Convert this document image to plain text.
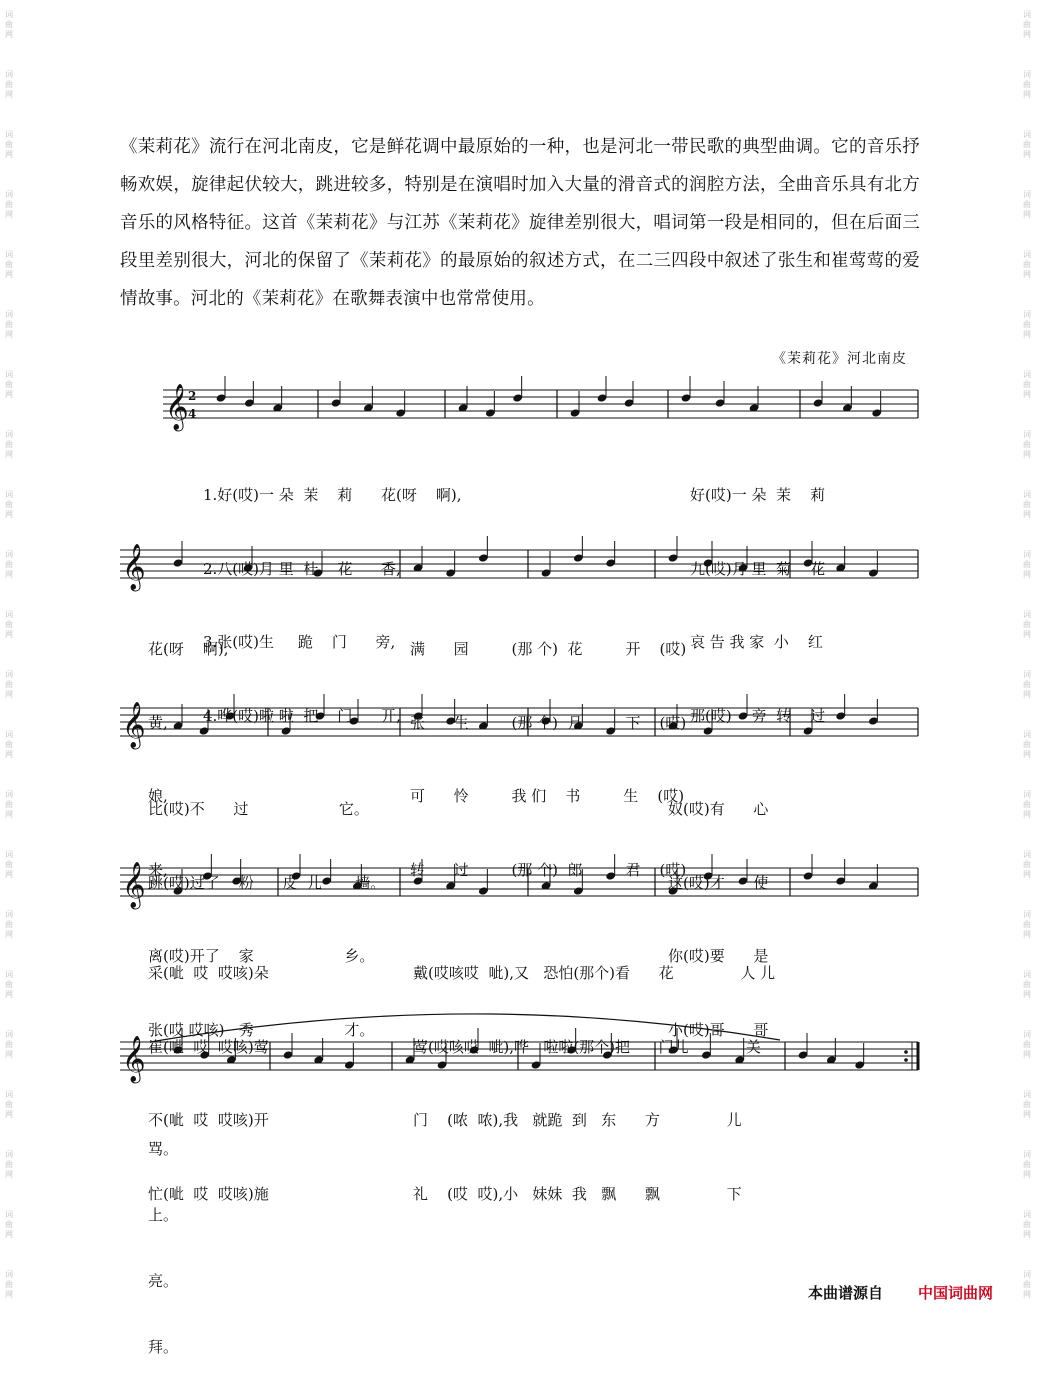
词
曲
网

词
曲
网

词
曲
网

词
曲
网

词
曲
网

词
曲
网

词
曲
网

词
曲
网

词
曲
网

词
曲
网

词
曲
网

词
曲
网

词
曲
网

词
曲
网

词
曲
网

词
曲
网

词
曲
网

词
曲
网

词
曲
网

词
曲
网

词
曲
网

词
曲
网

词
曲
网

词
曲
网

词
曲
网

词
曲
网

词
曲
网

词
曲
网

词
曲
网

词
曲
网

词
曲
网

词
曲
网

词
曲
网

词
曲
网

词
曲
网

词
曲
网

词
曲
网

词
曲
网

词
曲
网

词
曲
网

词
曲
网

词
曲
网

词
曲
网

词
曲
网
《茉莉花》流行在河北南皮，它是鲜花调中最原始的一种，也是河北一带民歌的典型曲调。它的音乐抒畅欢娱，旋律起伏较大，跳进较多，特别是在演唱时加入大量的滑音式的润腔方法，全曲音乐具有北方音乐的风格特征。这首《茉莉花》与江苏《茉莉花》旋律差别很大，唱词第一段是相同的，但在后面三段里差别很大，河北的保留了《茉莉花》的最原始的叙述方式，在二三四段中叙述了张生和崔莺莺的爱情故事。河北的《茉莉花》在歌舞表演中也常常使用。
《茉莉花》河北南皮
𝄞
𝄞
𝄞
𝄞
𝄞
2
4

1.好(哎)一 朵  茉    莉      花(呀    啊),

2.八(哎)月 里  桂    花      香,

3.张(哎)生     跪    门      旁,

4.哗(哎)啦 啦  把    门      开,

好(哎)一 朵  茉    莉

九(哎)月 里  菊    花

哀 告 我 家  小    红

那(哎)一 旁  转    过

花(呀    啊),

黄,

娘,

来,

满      园         (那 个)  花         开    (哎)

张      生         (那 个)  月         下    (哎)

可      怜         我 们    书         生    (哎)

转      过         (那 个)  郎         君    (哎)

比(哎)不      过                   它。

跳(哎)过了    粉      皮  儿       墙。

离(哎)开了    家                   乡。

张(哎 哎咳)   秀                   才。

奴(哎)有      心

这(哎)才      使

你(哎)要      是

小(哎)哥      哥

采(呲  哎  哎咳)朵

崔(呲  哎  哎咳)莺

不(呲  哎  哎咳)开

忙(呲  哎  哎咳)施

戴(哎咳哎  呲),又   恐怕(那个)看      花              人 儿

莺(哎咳哎  呲),哗   啦啦(那个)把      门儿            关

门    (哝  哝),我   就跪  到   东      方              儿

礼    (哎  哎),小   妹妹  我   飘      飘              下

骂。

上。

亮。

拜。

本曲谱源自 中国词曲网
